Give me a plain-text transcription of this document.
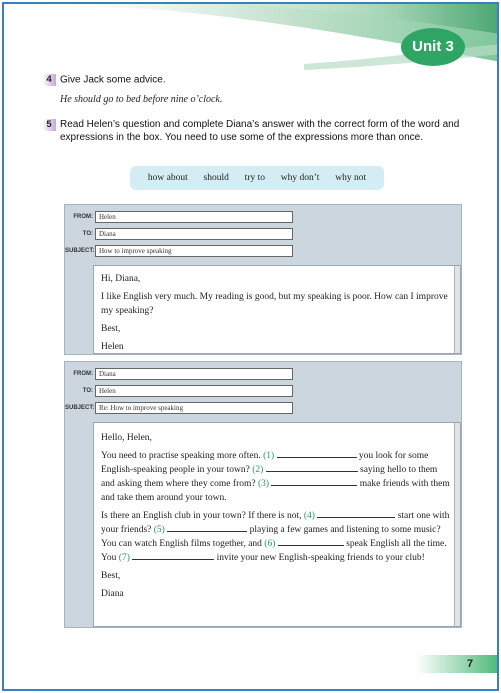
Unit 3
4 Give Jack some advice.
He should go to bed before nine o’clock.
5 Read Helen’s question and complete Diana’s answer with the correct form of the word and expressions in the box. You need to use some of the expressions more than once.
how about should try to why don’t why not
FROM: Helen
TO: Diana
SUBJECT: How to improve speaking

Hi, Diana,

I like English very much. My reading is good, but my speaking is poor. How can I improve my speaking?

Best,

Helen

FROM: Diana
TO: Helen
SUBJECT: Re: How to improve speaking

Hello, Helen,

You need to practise speaking more often. (1)	you look for some English-speaking people in your town? (2)	saying hello to them and asking them where they come from? (3)	make friends with them and take them around your town.

Is there an English club in your town? If there is not, (4)	start one with your friends? (5)	playing a few games and listening to some music? You can watch English films together, and (6)	speak English all the time. You (7)	invite your new English-speaking friends to your club!

Best,

Diana

7
